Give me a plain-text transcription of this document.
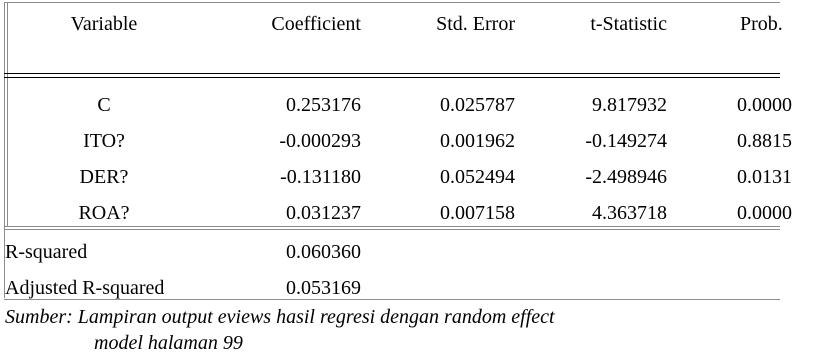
Variable	Coefficient	Std. Error	t-Statistic	Prob.
C	0.253176	0.025787	9.817932	0.0000
ITO?	-0.000293	0.001962	-0.149274	0.8815
DER?	-0.131180	0.052494	-2.498946	0.0131
ROA?	0.031237	0.007158	4.363718	0.0000
R-squared	0.060360
Adjusted R-squared	0.053169
Sumber: Lampiran output eviews hasil regresi dengan random effect
model halaman 99
